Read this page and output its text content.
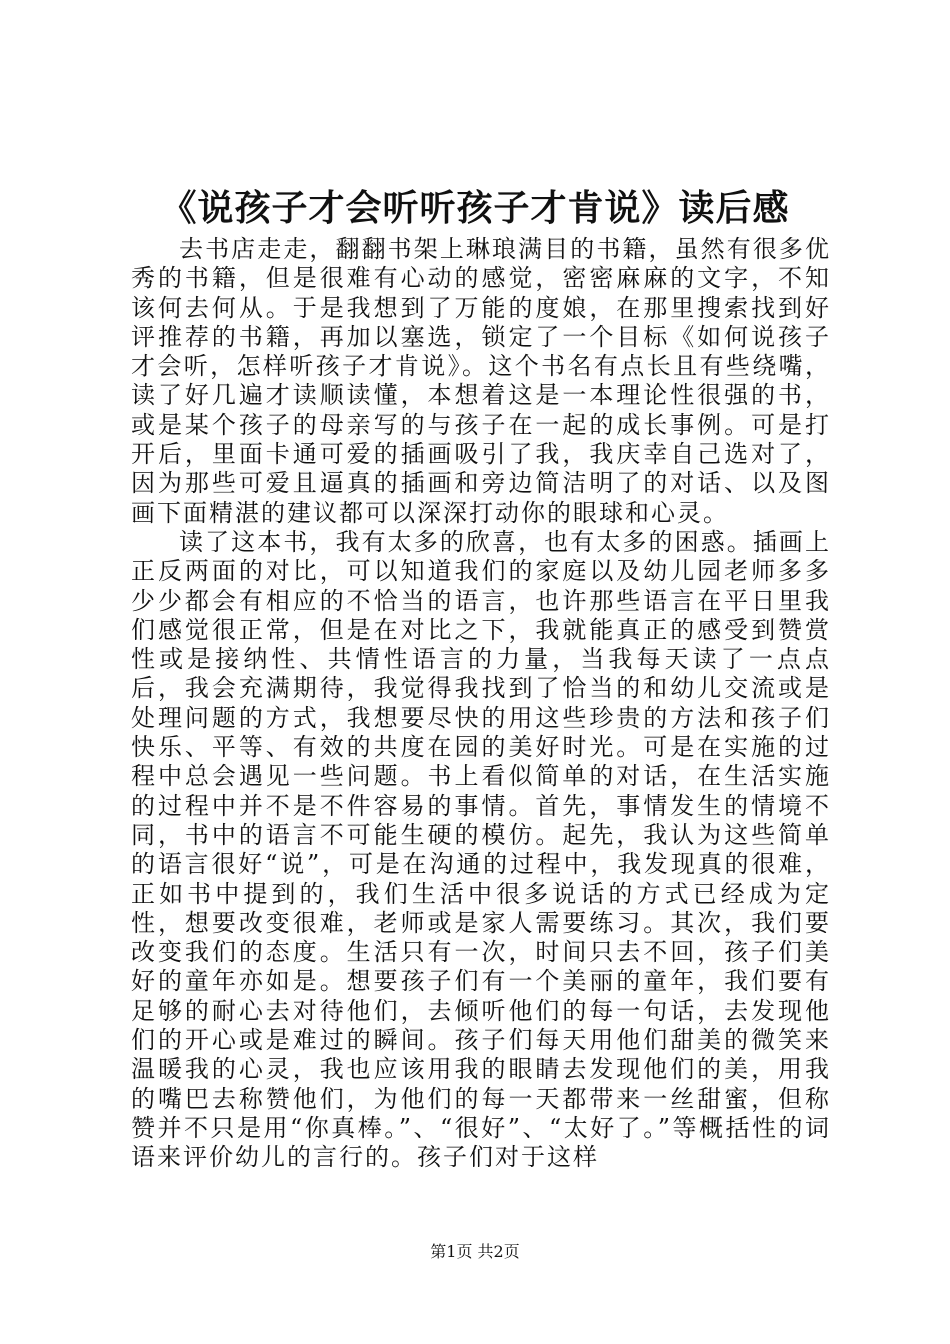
《说孩子才会听听孩子才肯说》读后感

去书店走走，翻翻书架上琳琅满目的书籍，虽然有很多优秀的书籍，但是很难有心动的感觉，密密麻麻的文字，不知该何去何从。于是我想到了万能的度娘，在那里搜索找到好评推荐的书籍，再加以塞选，锁定了一个目标《如何说孩子才会听，怎样听孩子才肯说》。这个书名有点长且有些绕嘴，读了好几遍才读顺读懂，本想着这是一本理论性很强的书，或是某个孩子的母亲写的与孩子在一起的成长事例。可是打开后，里面卡通可爱的插画吸引了我，我庆幸自己选对了，因为那些可爱且逼真的插画和旁边简洁明了的对话、以及图画下面精湛的建议都可以深深打动你的眼球和心灵。

读了这本书，我有太多的欣喜，也有太多的困惑。插画上正反两面的对比，可以知道我们的家庭以及幼儿园老师多多少少都会有相应的不恰当的语言，也许那些语言在平日里我们感觉很正常，但是在对比之下，我就能真正的感受到赞赏性或是接纳性、共情性语言的力量，当我每天读了一点点后，我会充满期待，我觉得我找到了恰当的和幼儿交流或是处理问题的方式，我想要尽快的用这些珍贵的方法和孩子们快乐、平等、有效的共度在园的美好时光。可是在实施的过程中总会遇见一些问题。书上看似简单的对话，在生活实施的过程中并不是不件容易的事情。首先，事情发生的情境不同，书中的语言不可能生硬的模仿。起先，我认为这些简单的语言很好“说”，可是在沟通的过程中，我发现真的很难，正如书中提到的，我们生活中很多说话的方式已经成为定性，想要改变很难，老师或是家人需要练习。其次，我们要改变我们的态度。生活只有一次，时间只去不回，孩子们美好的童年亦如是。想要孩子们有一个美丽的童年，我们要有足够的耐心去对待他们，去倾听他们的每一句话，去发现他们的开心或是难过的瞬间。孩子们每天用他们甜美的微笑来温暖我的心灵，我也应该用我的眼睛去发现他们的美，用我的嘴巴去称赞他们，为他们的每一天都带来一丝甜蜜，但称赞并不只是用“你真棒。”、“很好”、“太好了。”等概括性的词语来评价幼儿的言行的。孩子们对于这样

第1页 共2页
